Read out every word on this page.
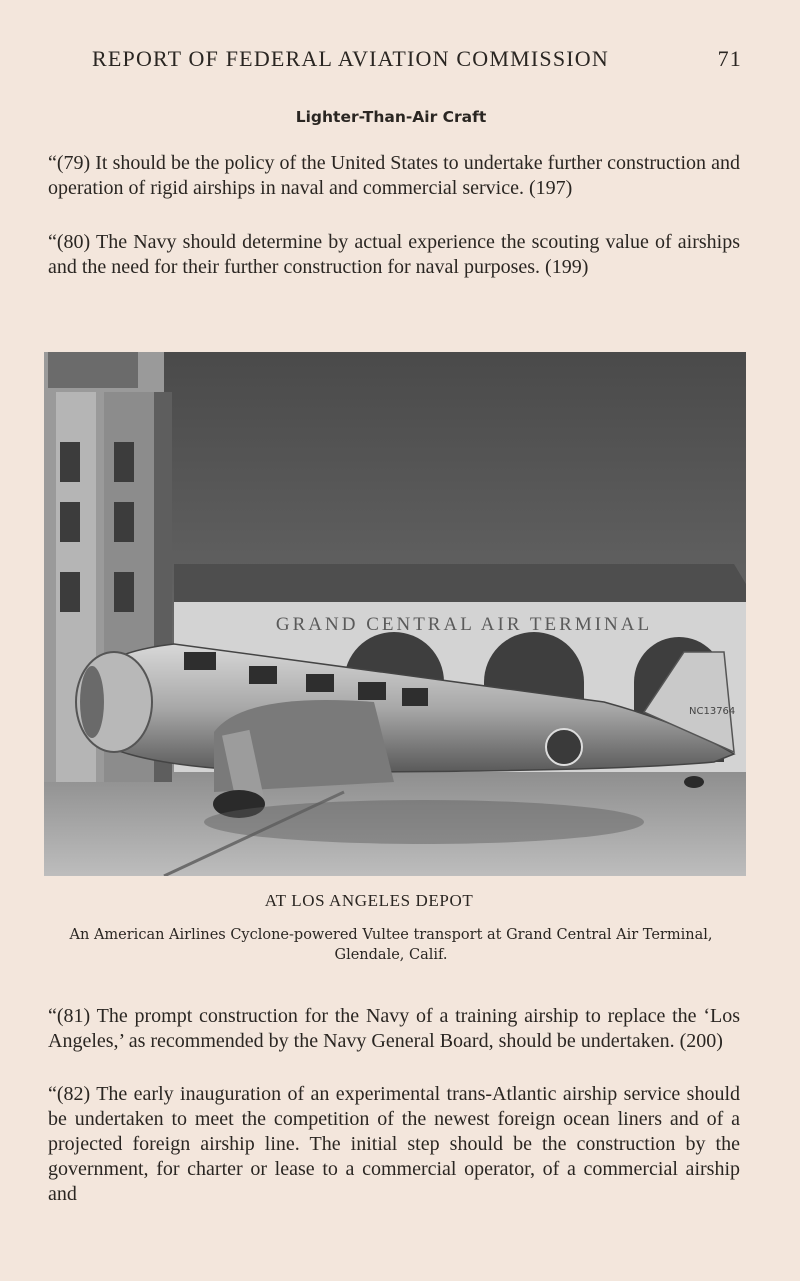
REPORT OF FEDERAL AVIATION COMMISSION	71
Lighter-Than-Air Craft

“(79) It should be the policy of the United States to undertake further construction and operation of rigid airships in naval and commercial service. (197)

“(80) The Navy should determine by actual experience the scouting value of airships and the need for their further construction for naval purposes. (199)

GRAND CENTRAL AIR TERMINAL
NC13764
AT LOS ANGELES DEPOT
An American Airlines Cyclone-powered Vultee transport at Grand Central Air Terminal, Glendale, Calif.

“(81) The prompt construction for the Navy of a training airship to replace the ‘Los Angeles,’ as recommended by the Navy General Board, should be undertaken. (200)

“(82) The early inauguration of an experimental trans-Atlantic airship service should be undertaken to meet the competition of the newest foreign ocean liners and of a projected foreign airship line. The initial step should be the construction by the government, for charter or lease to a commercial operator, of a commercial airship and
